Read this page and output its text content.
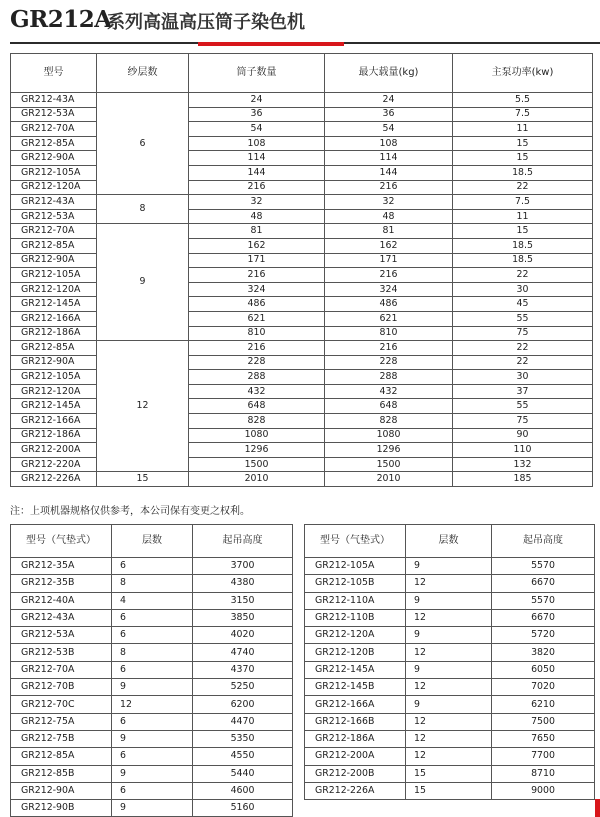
GR212A
系列高温高压筒子染色机
型号	纱层数	筒子数量	最大载量(kg)	主泵功率(kw)
GR212-43A	6	24	24	5.5
GR212-53A		36	36	7.5
GR212-70A		54	54	11
GR212-85A		108	108	15
GR212-90A		114	114	15
GR212-105A		144	144	18.5
GR212-120A		216	216	22
GR212-43A	8	32	32	7.5
GR212-53A		48	48	11
GR212-70A	9	81	81	15
GR212-85A		162	162	18.5
GR212-90A		171	171	18.5
GR212-105A		216	216	22
GR212-120A		324	324	30
GR212-145A		486	486	45
GR212-166A		621	621	55
GR212-186A		810	810	75
GR212-85A	12	216	216	22
GR212-90A		228	228	22
GR212-105A		288	288	30
GR212-120A		432	432	37
GR212-145A		648	648	55
GR212-166A		828	828	75
GR212-186A		1080	1080	90
GR212-200A		1296	1296	110
GR212-220A		1500	1500	132
GR212-226A	15	2010	2010	185
注：上项机器规格仅供参考，本公司保有变更之权利。
型号（气垫式）	层数	起吊高度
GR212-35A	6	3700
GR212-35B	8	4380
GR212-40A	4	3150
GR212-43A	6	3850
GR212-53A	6	4020
GR212-53B	8	4740
GR212-70A	6	4370
GR212-70B	9	5250
GR212-70C	12	6200
GR212-75A	6	4470
GR212-75B	9	5350
GR212-85A	6	4550
GR212-85B	9	5440
GR212-90A	6	4600
GR212-90B	9	5160
型号（气垫式）	层数	起吊高度
GR212-105A	9	5570
GR212-105B	12	6670
GR212-110A	9	5570
GR212-110B	12	6670
GR212-120A	9	5720
GR212-120B	12	3820
GR212-145A	9	6050
GR212-145B	12	7020
GR212-166A	9	6210
GR212-166B	12	7500
GR212-186A	12	7650
GR212-200A	12	7700
GR212-200B	15	8710
GR212-226A	15	9000
